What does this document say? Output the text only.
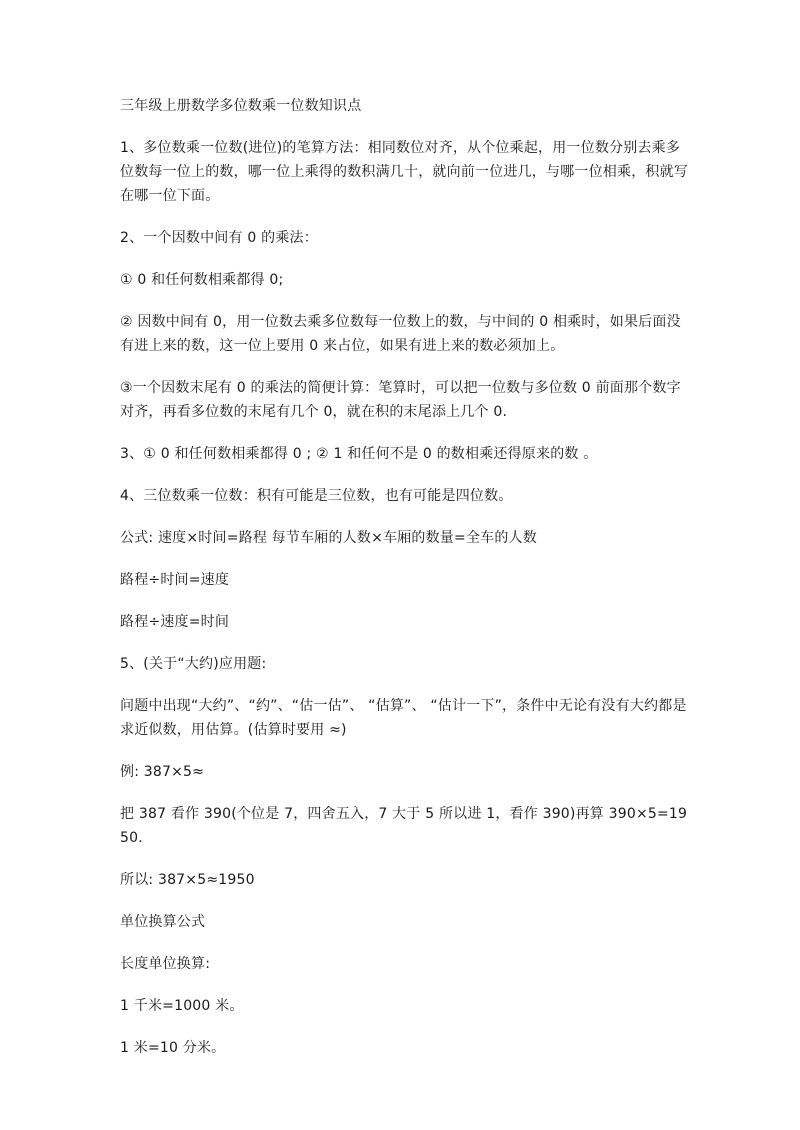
三年级上册数学多位数乘一位数知识点

1、多位数乘一位数(进位)的笔算方法：相同数位对齐，从个位乘起，用一位数分别去乘多位数每一位上的数，哪一位上乘得的数积满几十，就向前一位进几，与哪一位相乘，积就写在哪一位下面。

2、一个因数中间有 0 的乘法：

① 0 和任何数相乘都得 0;

② 因数中间有 0，用一位数去乘多位数每一位数上的数，与中间的 0 相乘时，如果后面没有进上来的数，这一位上要用 0 来占位，如果有进上来的数必须加上。

③一个因数末尾有 0 的乘法的简便计算：笔算时，可以把一位数与多位数 0 前面那个数字对齐，再看多位数的末尾有几个 0，就在积的末尾添上几个 0.

3、① 0 和任何数相乘都得 0 ; ② 1 和任何不是 0 的数相乘还得原来的数 。

4、三位数乘一位数：积有可能是三位数，也有可能是四位数。

公式: 速度×时间=路程 每节车厢的人数×车厢的数量=全车的人数

路程÷时间=速度

路程÷速度=时间

5、(关于“大约)应用题:

问题中出现“大约”、“约”、“估一估”、 “估算”、 “估计一下”，条件中无论有没有大约都是求近似数，用估算。(估算时要用 ≈)

例: 387×5≈

把 387 看作 390(个位是 7，四舍五入，7 大于 5 所以进 1，看作 390)再算 390×5=1950.

所以: 387×5≈1950

单位换算公式

长度单位换算:

1 千米=1000 米。

1 米=10 分米。
